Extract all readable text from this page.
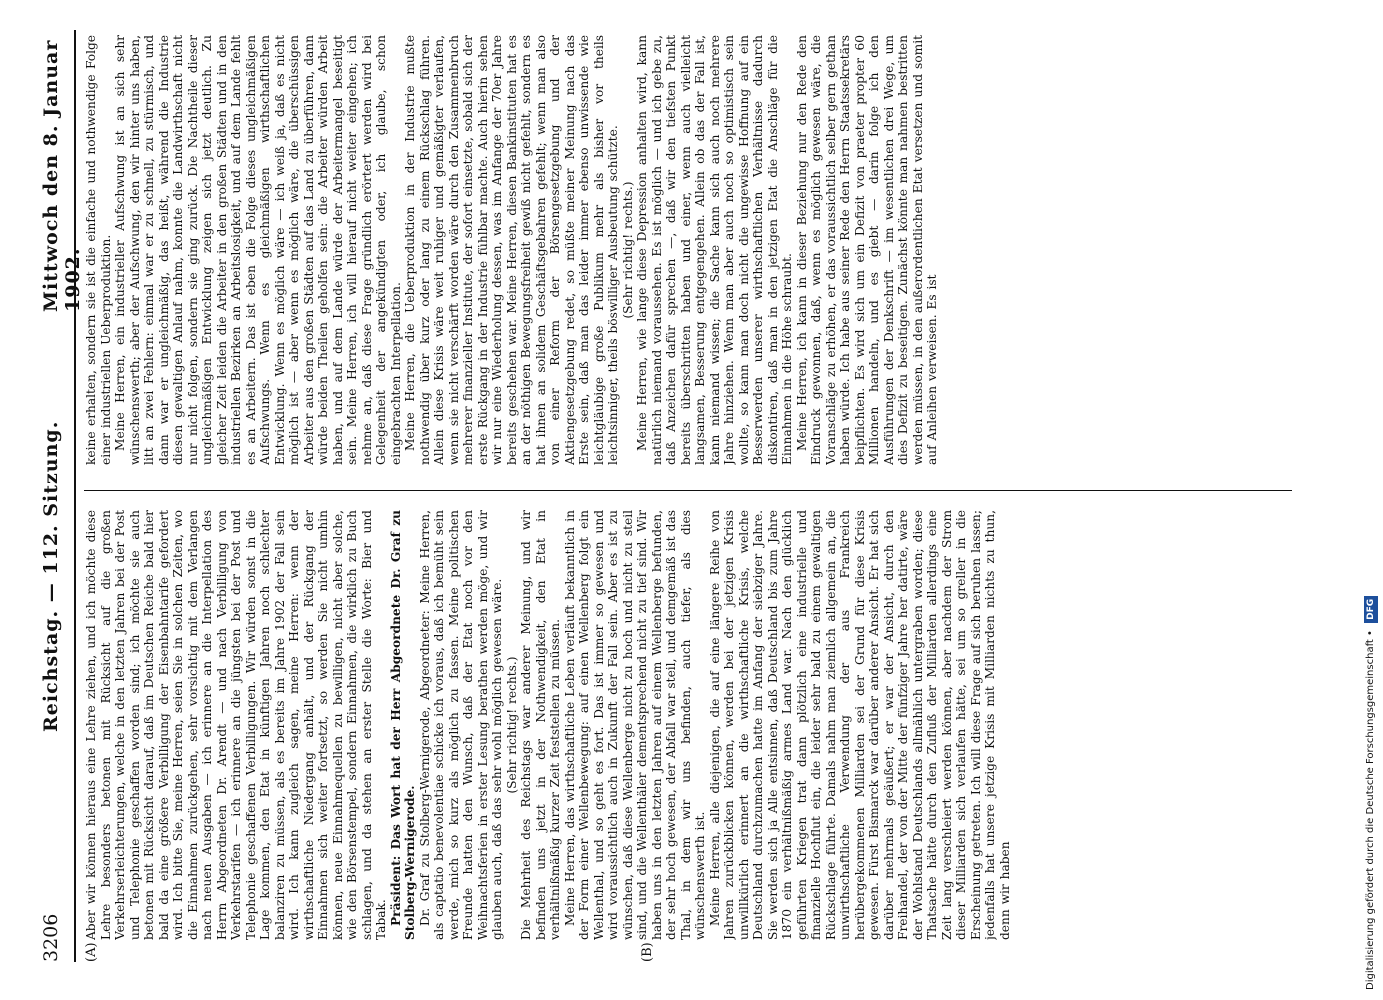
3206
Reichstag. — 112. Sitzung.
Mittwoch den 8. Januar 1902.
(A)	(B)

Aber wir können hieraus eine Lehre ziehen, und ich möchte diese Lehre besonders betonen mit Rücksicht auf die großen Verkehrserleichterungen, welche in den letzten Jahren bei der Post und Telephonie geschaffen worden sind; ich möchte sie auch betonen mit Rücksicht darauf, daß im Deutschen Reiche bald hier bald da eine größere Verbilligung der Eisenbahntarife gefordert wird. Ich bitte Sie, meine Herren, seien Sie in solchen Zeiten, wo die Einnahmen zurückgehen, sehr vorsichtig mit dem Verlangen nach neuen Ausgaben — ich erinnere an die Interpellation des Herrn Abgeordneten Dr. Arendt — und nach Verbilligung von Verkehrstarifen — ich erinnere an die jüngsten bei der Post und Telephonie geschaffenen Verbilligungen. Wir würden sonst in die Lage kommen, den Etat in künftigen Jahren noch schlechter balanziren zu müssen, als es bereits im Jahre 1902 der Fall sein wird. Ich kann zugleich sagen, meine Herren: wenn der wirthschaftliche Niedergang anhält, und der Rückgang der Einnahmen sich weiter fortsetzt, so werden Sie nicht umhin können, neue Einnahmequellen zu bewilligen, nicht aber solche, wie den Börsenstempel, sondern Einnahmen, die wirklich zu Buch schlagen, und da stehen an erster Stelle die Worte: Bier und Tabak. Präsident: Das Wort hat der Herr Abgeordnete Dr. Graf zu Stolberg-Wernigerode. Dr. Graf zu Stolberg-Wernigerode, Abgeordneter: Meine Herren, als captatio benevolentiae schicke ich voraus, daß ich bemüht sein werde, mich so kurz als möglich zu fassen. Meine politischen Freunde hatten den Wunsch, daß der Etat noch vor den Weihnachtsferien in erster Lesung berathen werden möge, und wir glauben auch, daß das sehr wohl möglich gewesen wäre. (Sehr richtig! rechts.) Die Mehrheit des Reichstags war anderer Meinung, und wir befinden uns jetzt in der Nothwendigkeit, den Etat in verhältnißmäßig kurzer Zeit feststellen zu müssen. Meine Herren, das wirthschaftliche Leben verläuft bekanntlich in der Form einer Wellenbewegung: auf einen Wellenberg folgt ein Wellenthal, und so geht es fort. Das ist immer so gewesen und wird voraussichtlich auch in Zukunft der Fall sein. Aber es ist zu wünschen, daß diese Wellenberge nicht zu hoch und nicht zu steil sind, und die Wellenthäler dementsprechend nicht zu tief sind. Wir haben uns in den letzten Jahren auf einem Wellenberge befunden, der sehr hoch gewesen, der Abfall war steil, und demgemäß ist das Thal, in dem wir uns befinden, auch tiefer, als dies wünschenswerth ist. Meine Herren, alle diejenigen, die auf eine längere Reihe von Jahren zurückblicken können, werden bei der jetzigen Krisis unwillkürlich erinnert an die wirthschaftliche Krisis, welche Deutschland durchzumachen hatte im Anfang der siebziger Jahre. Sie werden sich ja Alle entsinnen, daß Deutschland bis zum Jahre 1870 ein verhältnißmäßig armes Land war. Nach den glücklich geführten Kriegen trat dann plötzlich eine industrielle und finanzielle Hochflut ein, die leider sehr bald zu einem gewaltigen Rückschlage führte. Damals nahm man ziemlich allgemein an, die unwirthschaftliche Verwendung der aus Frankreich herübergekommenen Milliarden sei der Grund für diese Krisis gewesen. Fürst Bismarck war darüber anderer Ansicht. Er hat sich darüber mehrmals geäußert; er war der Ansicht, durch den Freihandel, der von der Mitte der fünfziger Jahre her datirte, wäre der Wohlstand Deutschlands allmählich untergraben worden; diese Thatsache hätte durch den Zufluß der Milliarden allerdings eine Zeit lang verschleiert werden können, aber nachdem der Strom dieser Milliarden sich verlaufen hätte, sei um so greller in die Erscheinung getreten. Ich will diese Frage auf sich beruhen lassen; jedenfalls hat unsere jetzige Krisis mit Milliarden nichts zu thun, denn wir haben

keine erhalten, sondern sie ist die einfache und nothwendige Folge einer industriellen Ueberproduktion. Meine Herren, ein industrieller Aufschwung ist an sich sehr wünschenswerth; aber der Aufschwung, den wir hinter uns haben, litt an zwei Fehlern: einmal war er zu schnell, zu stürmisch, und dann war er ungleichmäßig, das heißt, während die Industrie diesen gewaltigen Anlauf nahm, konnte die Landwirthschaft nicht nur nicht folgen, sondern sie ging zurück. Die Nachtheile dieser ungleichmäßigen Entwicklung zeigen sich jetzt deutlich. Zu gleicher Zeit leiden die Arbeiter in den großen Städten und in den industriellen Bezirken an Arbeitslosigkeit, und auf dem Lande fehlt es an Arbeitern. Das ist eben die Folge dieses ungleichmäßigen Aufschwungs. Wenn es gleichmäßigen wirthschaftlichen Entwicklung. Wenn es möglich wäre — ich weiß ja, daß es nicht möglich ist — aber wenn es möglich wäre, die überschüssigen Arbeiter aus den großen Städten auf das Land zu überführen, dann würde beiden Theilen geholfen sein: die Arbeiter würden Arbeit haben, und auf dem Lande würde der Arbeitermangel beseitigt sein. Meine Herren, ich will hierauf nicht weiter eingehen; ich nehme an, daß diese Frage gründlich erörtert werden wird bei Gelegenheit der angekündigten oder, ich glaube, schon eingebrachten Interpellation. Meine Herren, die Ueberproduktion in der Industrie mußte nothwendig über kurz oder lang zu einem Rückschlag führen. Allein diese Krisis wäre weit ruhiger und gemäßigter verlaufen, wenn sie nicht verschärft worden wäre durch den Zusammenbruch mehrerer finanzieller Institute, der sofort einsetzte, sobald sich der erste Rückgang in der Industrie fühlbar machte. Auch hierin sehen wir nur eine Wiederholung dessen, was im Anfange der 70er Jahre bereits geschehen war. Meine Herren, diesen Bankinstituten hat es an der nöthigen Bewegungsfreiheit gewiß nicht gefehlt, sondern es hat ihnen an solidem Geschäftsgebahren gefehlt; wenn man also von einer Reform der Börsengesetzgebung und der Aktiengesetzgebung redet, so müßte meiner Meinung nach das Erste sein, daß man das leider immer ebenso unwissende wie leichtgläubige große Publikum mehr als bisher vor theils leichtsinniger, theils böswilliger Ausbeutung schützte. (Sehr richtig! rechts.) Meine Herren, wie lange diese Depression anhalten wird, kann natürlich niemand voraussehen. Es ist möglich — und ich gebe zu, daß Anzeichen dafür sprechen —, daß wir den tiefsten Punkt bereits überschritten haben und einer, wenn auch vielleicht langsamen, Besserung entgegengehen. Allein ob das der Fall ist, kann niemand wissen; die Sache kann sich auch noch mehrere Jahre hinziehen. Wenn man aber auch noch so optimistisch sein wollte, so kann man doch nicht die ungewisse Hoffnung auf ein Besserwerden unserer wirthschaftlichen Verhältnisse dadurch diskontiren, daß man in den jetzigen Etat die Anschläge für die Einnahmen in die Höhe schraubt. Meine Herren, ich kann in dieser Beziehung nur den Rede den Eindruck gewonnen, daß, wenn es möglich gewesen wäre, die Voranschläge zu erhöhen, er das voraussichtlich selber gern gethan haben würde. Ich habe aus seiner Rede den Herrn Staatssekretärs beipflichten. Es wird sich um ein Defizit von praeter propter 60 Millionen handeln, und es giebt — darin folge ich den Ausführungen der Denkschrift — im wesentlichen drei Wege, um dies Defizit zu beseitigen. Zunächst könnte man nahmen bestritten werden müssen, in den außerordentlichen Etat versetzen und somit auf Anleihen verweisen. Es ist

Digitalisierung gefördert durch die Deutsche Forschungsgemeinschaft • DFG
